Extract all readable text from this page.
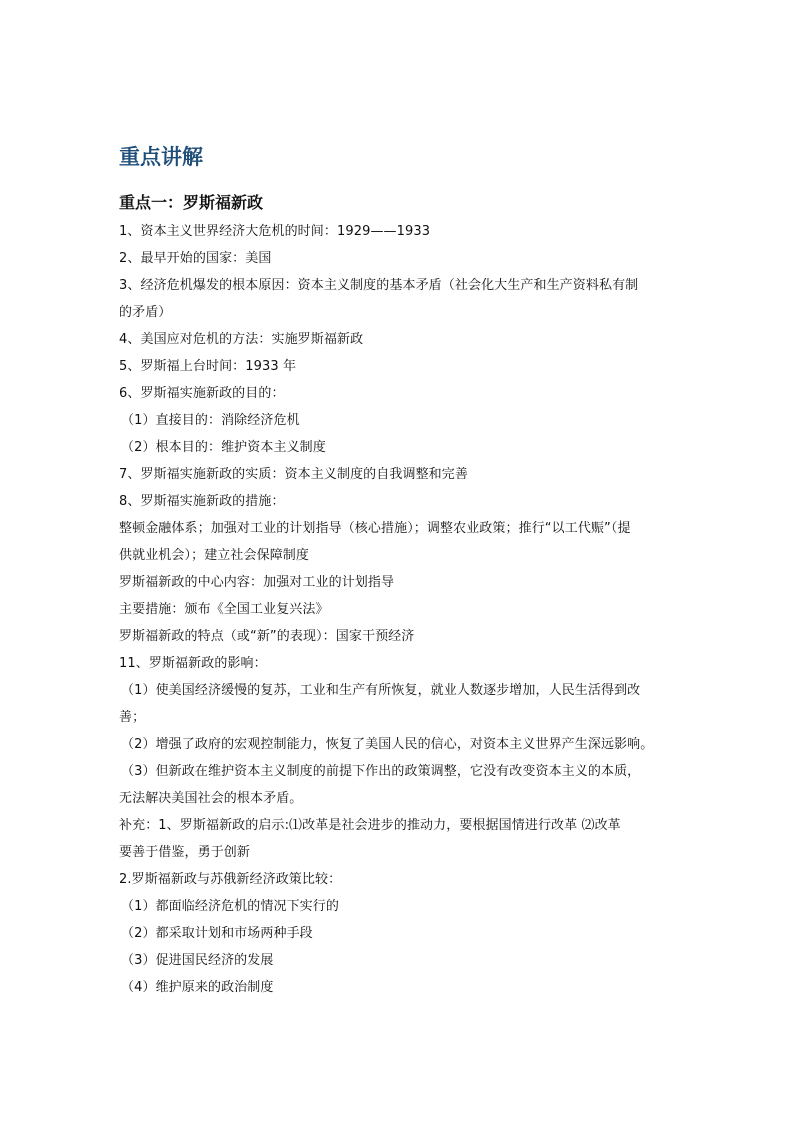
重点讲解
重点一：罗斯福新政

1、资本主义世界经济大危机的时间：1929——1933

2、最早开始的国家：美国

3、经济危机爆发的根本原因：资本主义制度的基本矛盾（社会化大生产和生产资料私有制

的矛盾）

4、美国应对危机的方法：实施罗斯福新政

5、罗斯福上台时间：1933 年

6、罗斯福实施新政的目的：

（1）直接目的：消除经济危机

（2）根本目的：维护资本主义制度

7、罗斯福实施新政的实质：资本主义制度的自我调整和完善

8、罗斯福实施新政的措施：

整顿金融体系；加强对工业的计划指导（核心措施）；调整农业政策；推行“以工代赈”（提

供就业机会）；建立社会保障制度

罗斯福新政的中心内容：加强对工业的计划指导

主要措施：颁布《全国工业复兴法》

罗斯福新政的特点（或“新”的表现）：国家干预经济

11、罗斯福新政的影响：

（1）使美国经济缓慢的复苏，工业和生产有所恢复，就业人数逐步增加，人民生活得到改

善；

（2）增强了政府的宏观控制能力，恢复了美国人民的信心，对资本主义世界产生深远影响。

（3）但新政在维护资本主义制度的前提下作出的政策调整，它没有改变资本主义的本质，

无法解决美国社会的根本矛盾。

补充：1、罗斯福新政的启示:⑴改革是社会进步的推动力，要根据国情进行改革 ⑵改革

要善于借鉴，勇于创新

2.罗斯福新政与苏俄新经济政策比较：

（1）都面临经济危机的情况下实行的

（2）都采取计划和市场两种手段

（3）促进国民经济的发展

（4）维护原来的政治制度
